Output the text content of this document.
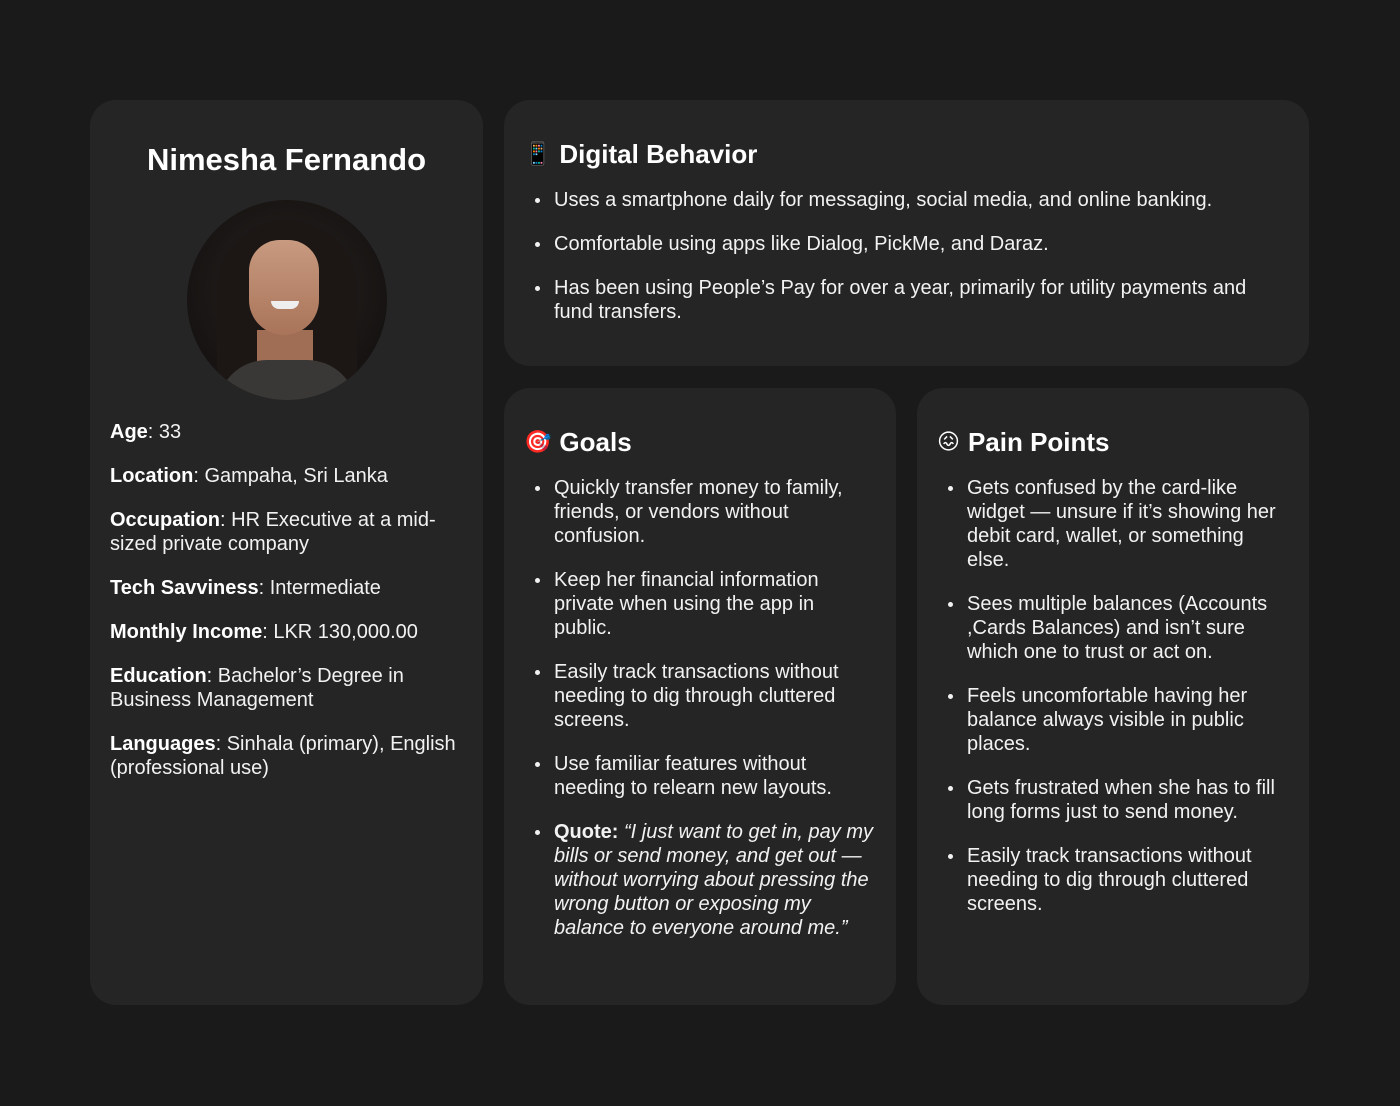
Nimesha Fernando
Age: 33
Location: Gampaha, Sri Lanka
Occupation: HR Executive at a mid-sized private company
Tech Savviness: Intermediate
Monthly Income: LKR 130,000.00
Education: Bachelor’s Degree in Business Management
Languages: Sinhala (primary), English (professional use)
📱 Digital Behavior
Uses a smartphone daily for messaging, social media, and online banking.
Comfortable using apps like Dialog, PickMe, and Daraz.
Has been using People’s Pay for over a year, primarily for utility payments and fund transfers.
🎯 Goals
Quickly transfer money to family, friends, or vendors without confusion.
Keep her financial information private when using the app in public.
Easily track transactions without needing to dig through cluttered screens.
Use familiar features without needing to relearn new layouts.
Quote: “I just want to get in, pay my bills or send money, and get out — without worrying about pressing the wrong button or exposing my balance to everyone around me.”
😖 Pain Points
Gets confused by the card-like widget — unsure if it’s showing her debit card, wallet, or something else.
Sees multiple balances (Accounts ,Cards Balances) and isn’t sure which one to trust or act on.
Feels uncomfortable having her balance always visible in public places.
Gets frustrated when she has to fill long forms just to send money.
Easily track transactions without needing to dig through cluttered screens.
